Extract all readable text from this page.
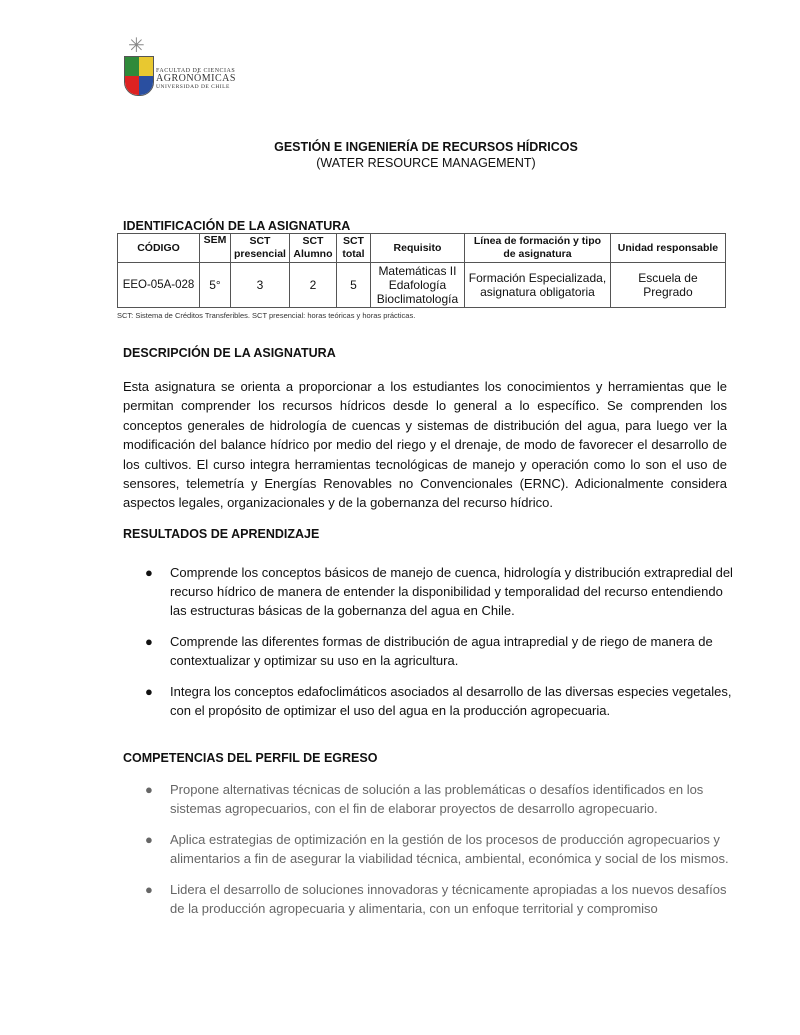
✳
FACULTAD DE CIENCIAS
AGRONÓMICAS
UNIVERSIDAD DE CHILE
GESTIÓN E INGENIERÍA DE RECURSOS HÍDRICOS
(WATER RESOURCE MANAGEMENT)
IDENTIFICACIÓN DE LA ASIGNATURA
CÓDIGO	SEM	SCT presencial	SCT Alumno	SCT total	Requisito	Línea de formación y tipo de asignatura	Unidad responsable
EEO-05A-028	5°	3	2	5	Matemáticas II Edafología Bioclimatología	Formación Especializada, asignatura obligatoria	Escuela de Pregrado
SCT: Sistema de Créditos Transferibles. SCT presencial: horas teóricas y horas prácticas.
DESCRIPCIÓN DE LA ASIGNATURA
Esta asignatura se orienta a proporcionar a los estudiantes los conocimientos y herramientas que le permitan comprender los recursos hídricos desde lo general a lo específico. Se comprenden los conceptos generales de hidrología de cuencas y sistemas de distribución del agua, para luego ver la modificación del balance hídrico por medio del riego y el drenaje, de modo de favorecer el desarrollo de los cultivos. El curso integra herramientas tecnológicas de manejo y operación como lo son el uso de sensores, telemetría y Energías Renovables no Convencionales (ERNC). Adicionalmente considera aspectos legales, organizacionales y de la gobernanza del recurso hídrico.
RESULTADOS DE APRENDIZAJE
● Comprende los conceptos básicos de manejo de cuenca, hidrología y distribución extrapredial del recurso hídrico de manera de entender la disponibilidad y temporalidad del recurso entendiendo las estructuras básicas de la gobernanza del agua en Chile.
● Comprende las diferentes formas de distribución de agua intrapredial y de riego de manera de contextualizar y optimizar su uso en la agricultura.
● Integra los conceptos edafoclimáticos asociados al desarrollo de las diversas especies vegetales, con el propósito de optimizar el uso del agua en la producción agropecuaria.
COMPETENCIAS DEL PERFIL DE EGRESO
● Propone alternativas técnicas de solución a las problemáticas o desafíos identificados en los sistemas agropecuarios, con el fin de elaborar proyectos de desarrollo agropecuario.
● Aplica estrategias de optimización en la gestión de los procesos de producción agropecuarios y alimentarios a fin de asegurar la viabilidad técnica, ambiental, económica y social de los mismos.
● Lidera el desarrollo de soluciones innovadoras y técnicamente apropiadas a los nuevos desafíos de la producción agropecuaria y alimentaria, con un enfoque territorial y compromiso
